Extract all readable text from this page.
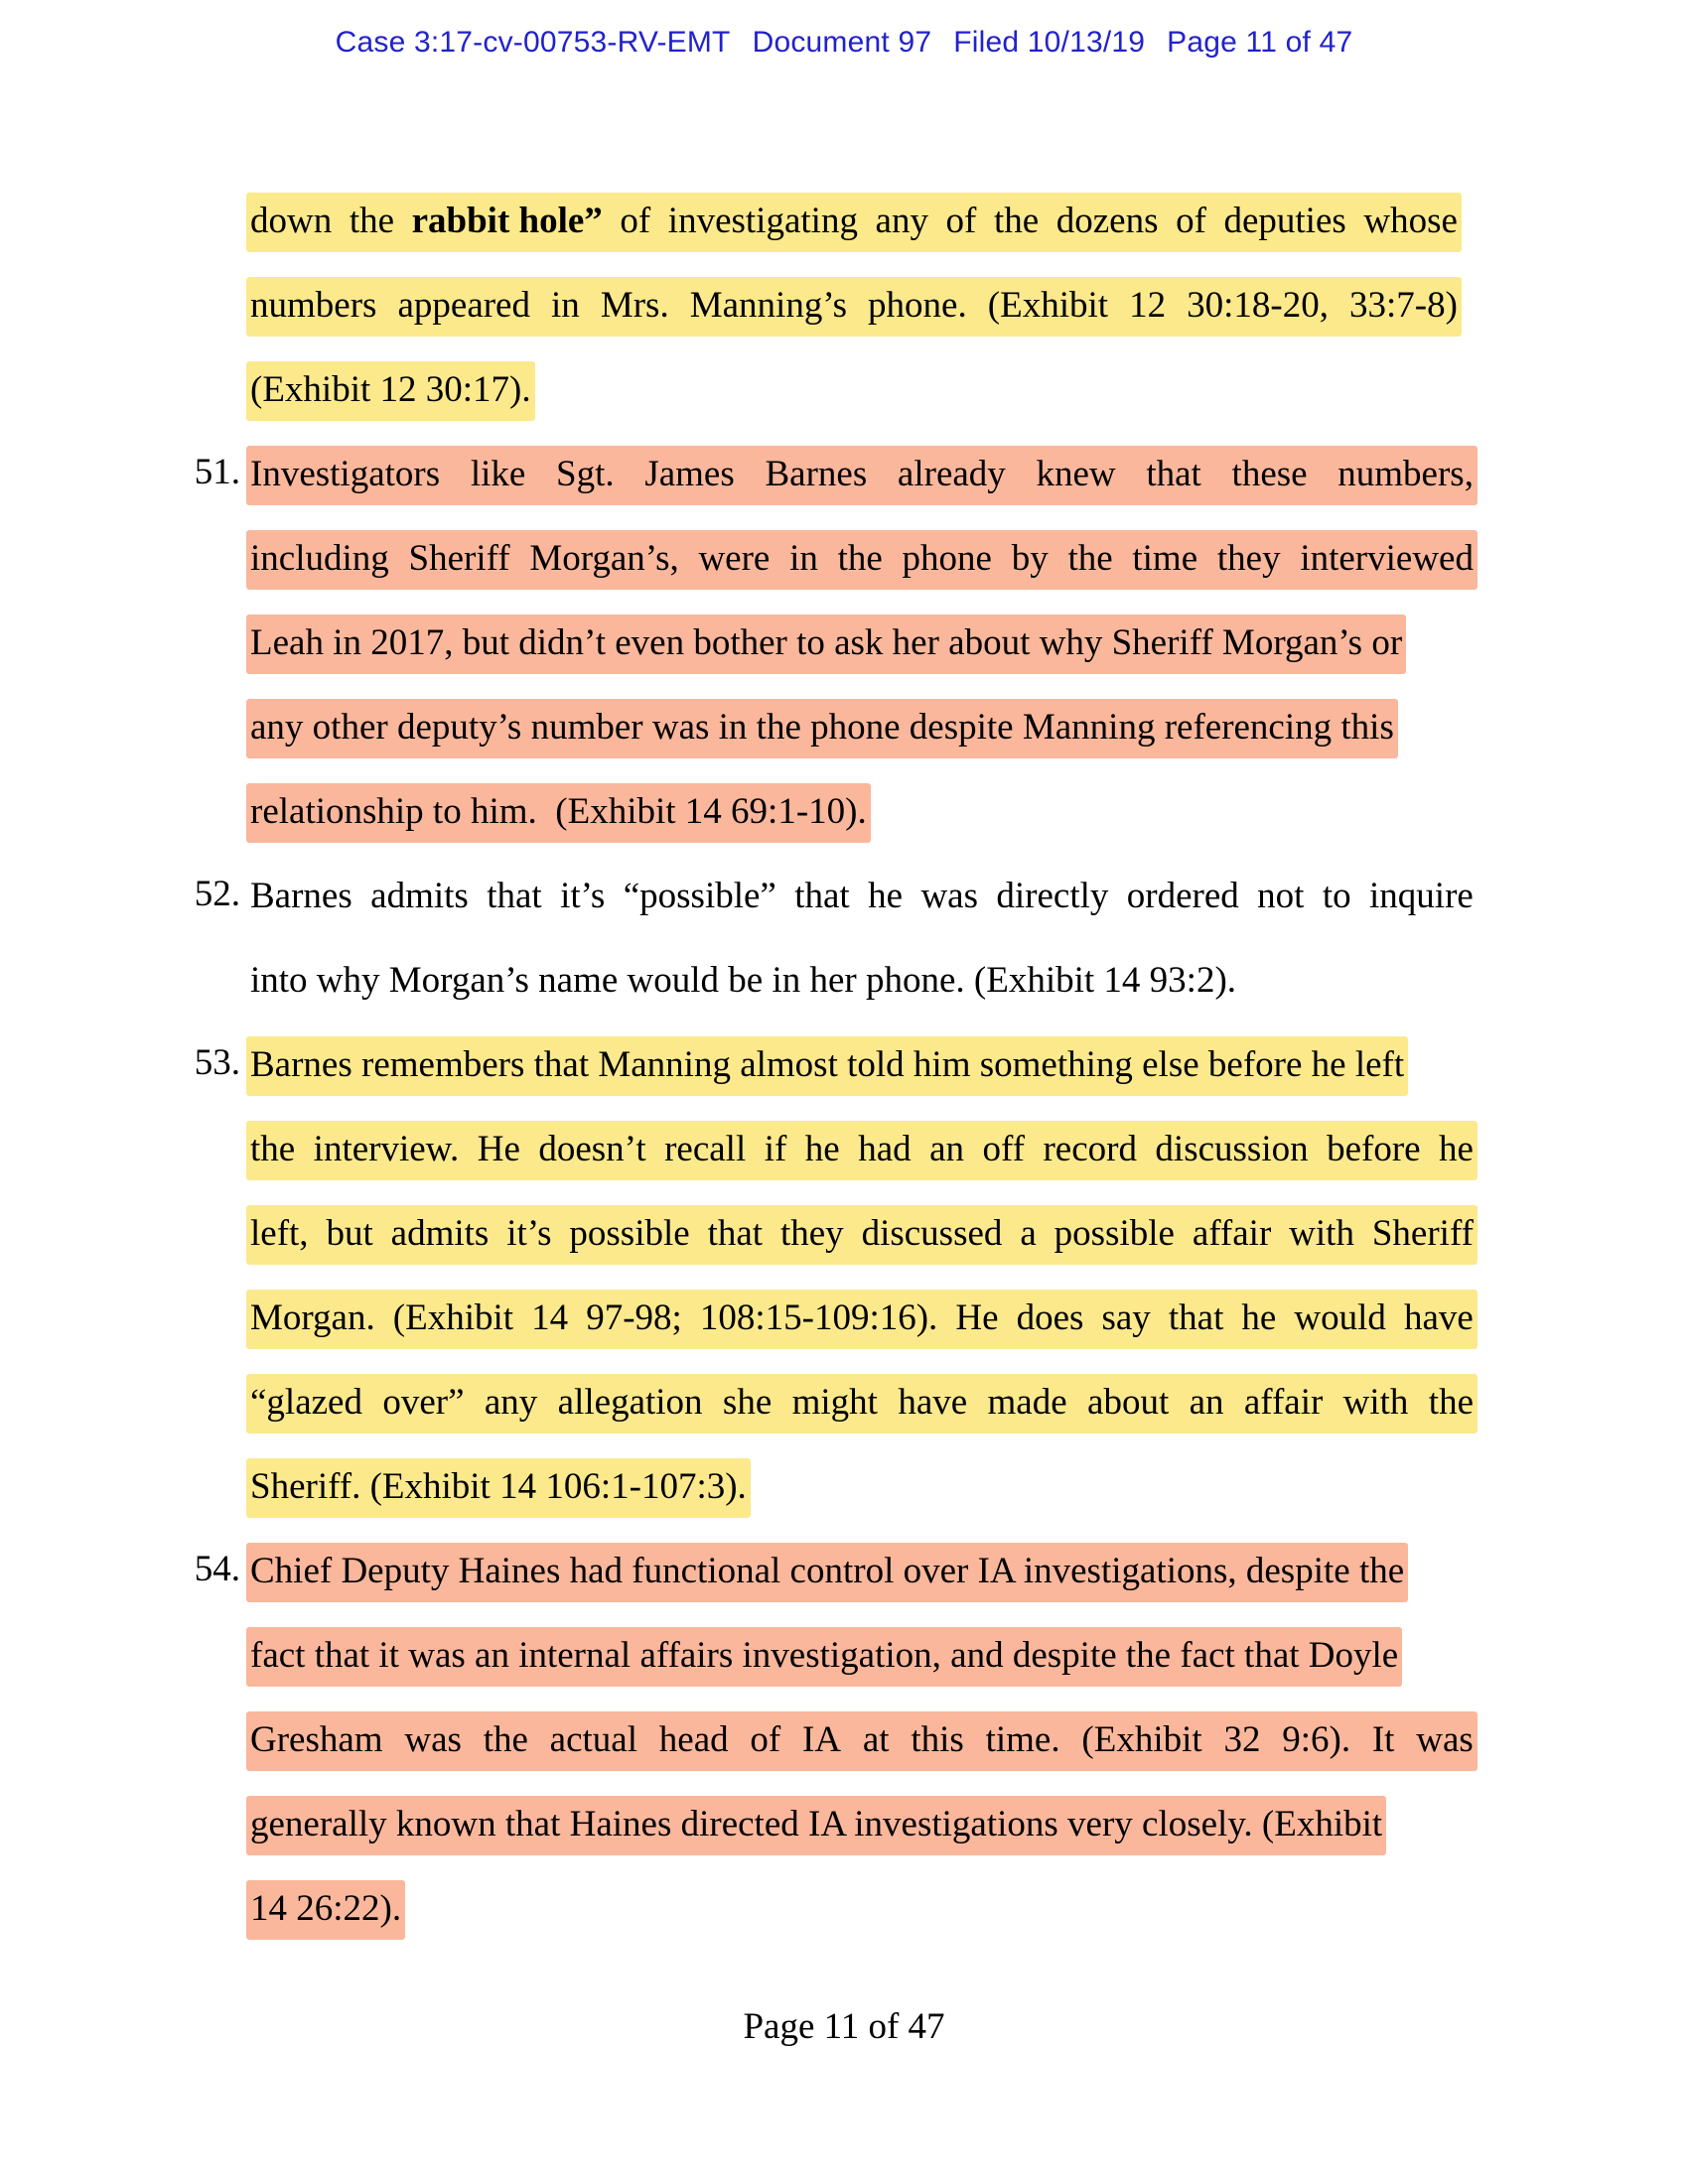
Case 3:17-cv-00753-RV-EMT Document 97 Filed 10/13/19 Page 11 of 47
down the rabbit hole” of investigating any of the dozens of deputies whose
numbers appeared in Mrs. Manning’s phone. (Exhibit 12 30:18-20, 33:7-8)
(Exhibit 12 30:17).
51. Investigators like Sgt. James Barnes already knew that these numbers,
including Sheriff Morgan’s, were in the phone by the time they interviewed
Leah in 2017, but didn’t even bother to ask her about why Sheriff Morgan’s or
any other deputy’s number was in the phone despite Manning referencing this
relationship to him.  (Exhibit 14 69:1-10).
52. Barnes admits that it’s “possible” that he was directly ordered not to inquire
into why Morgan’s name would be in her phone. (Exhibit 14 93:2).
53. Barnes remembers that Manning almost told him something else before he left
the interview. He doesn’t recall if he had an off record discussion before he
left, but admits it’s possible that they discussed a possible affair with Sheriff
Morgan. (Exhibit 14 97-98; 108:15-109:16). He does say that he would have
“glazed over” any allegation she might have made about an affair with the
Sheriff. (Exhibit 14 106:1-107:3).
54. Chief Deputy Haines had functional control over IA investigations, despite the
fact that it was an internal affairs investigation, and despite the fact that Doyle
Gresham was the actual head of IA at this time. (Exhibit 32 9:6). It was
generally known that Haines directed IA investigations very closely. (Exhibit
14 26:22).
Page 11 of 47
